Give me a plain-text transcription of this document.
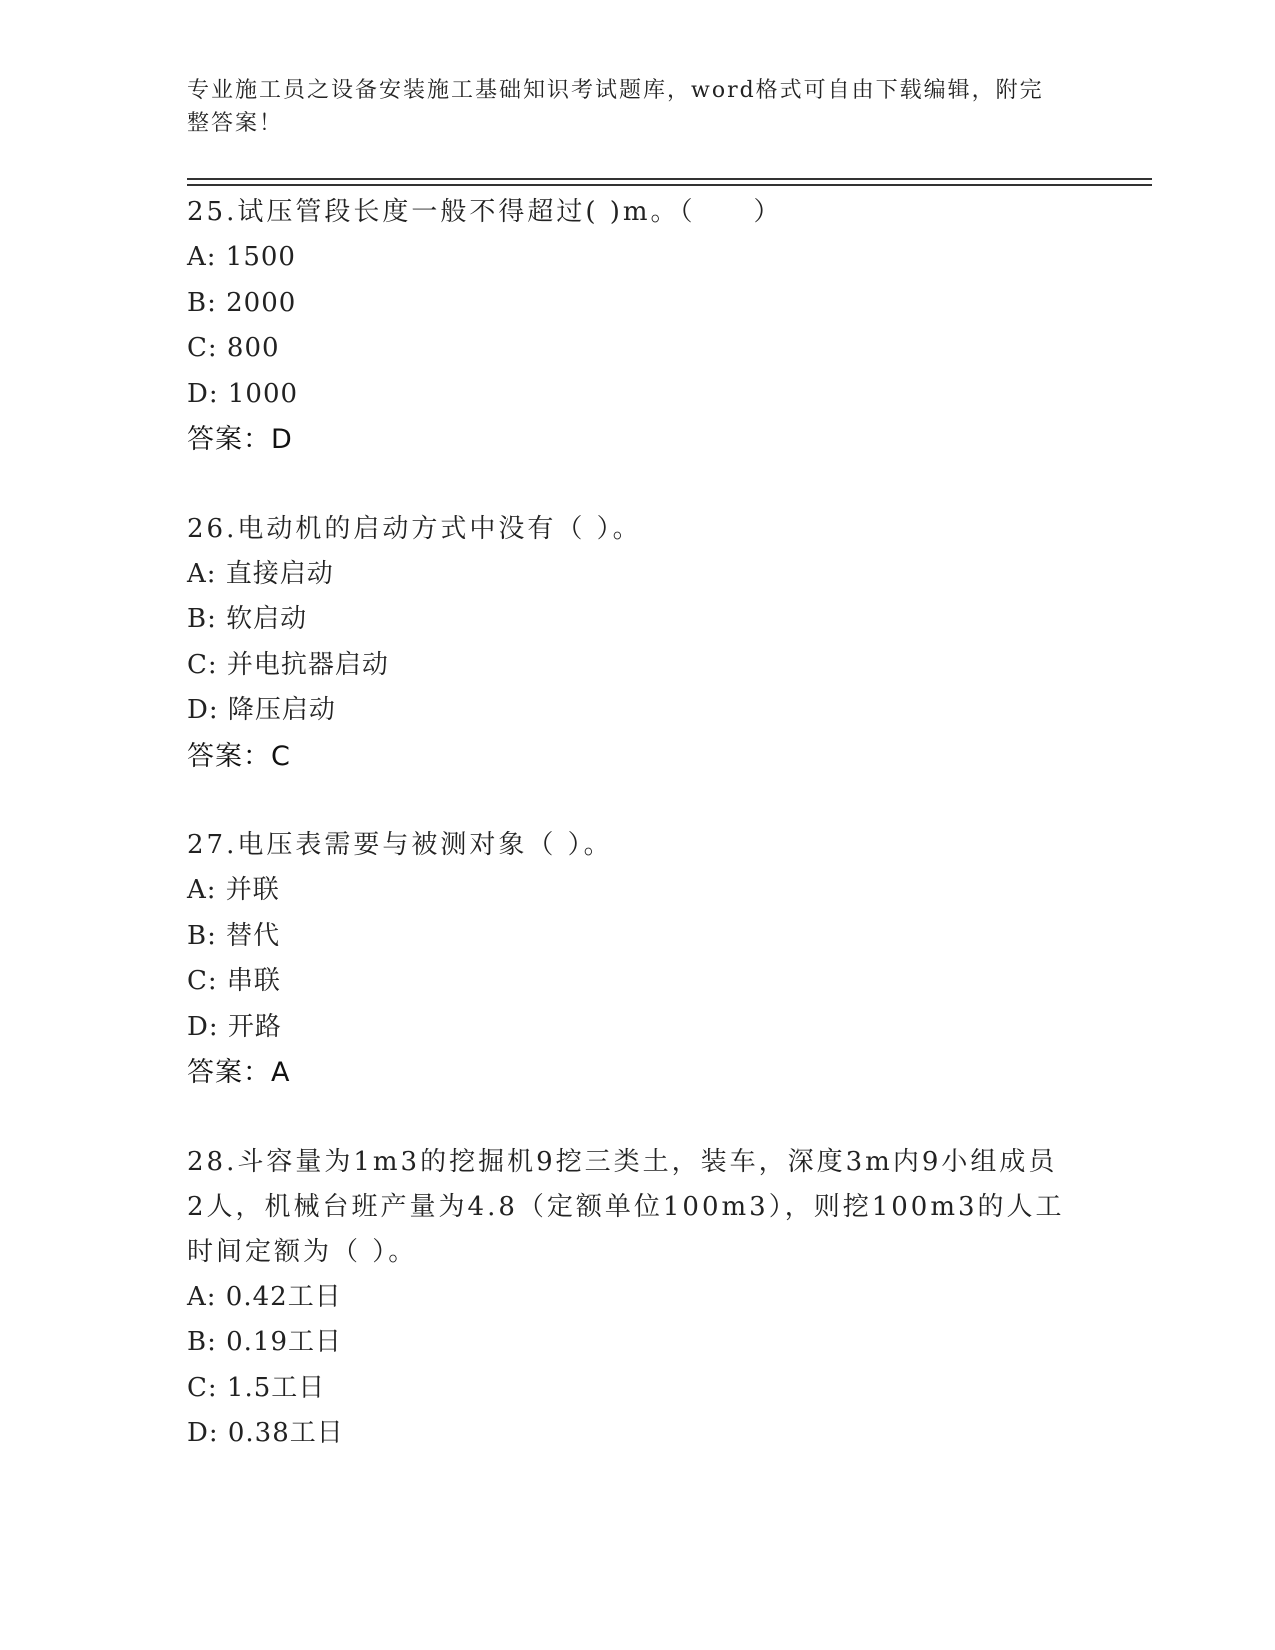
专业施工员之设备安装施工基础知识考试题库，word格式可自由下载编辑，附完整答案！
25.试压管段长度一般不得超过( )m。（　　）
A: 1500
B: 2000
C: 800
D: 1000
答案：D
26.电动机的启动方式中没有（ ）。
A: 直接启动
B: 软启动
C: 并电抗器启动
D: 降压启动
答案：C
27.电压表需要与被测对象（ ）。
A: 并联
B: 替代
C: 串联
D: 开路
答案：A
28.斗容量为1m3的挖掘机9挖三类土，装车，深度3m内9小组成员2人，机械台班产量为4.8（定额单位100m3），则挖100m3的人工时间定额为（ ）。
A: 0.42工日
B: 0.19工日
C: 1.5工日
D: 0.38工日
